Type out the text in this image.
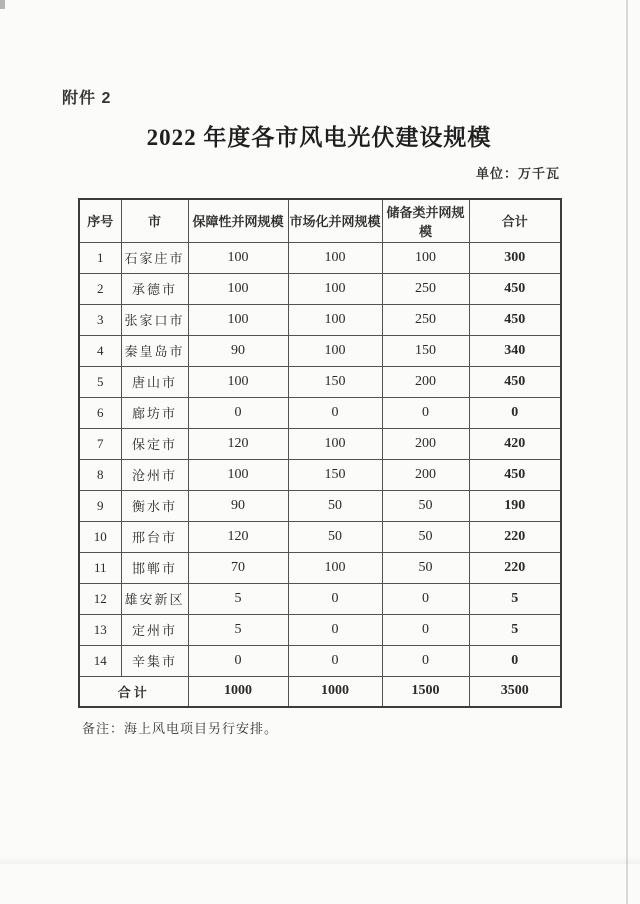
附件 2
2022 年度各市风电光伏建设规模
单位：万千瓦
序号	市	保障性并网规模	市场化并网规模	储备类并网规模	合计
1	石家庄市	100	100	100	300
2	承德市	100	100	250	450
3	张家口市	100	100	250	450
4	秦皇岛市	90	100	150	340
5	唐山市	100	150	200	450
6	廊坊市	0	0	0	0
7	保定市	120	100	200	420
8	沧州市	100	150	200	450
9	衡水市	90	50	50	190
10	邢台市	120	50	50	220
11	邯郸市	70	100	50	220
12	雄安新区	5	0	0	5
13	定州市	5	0	0	5
14	辛集市	0	0	0	0
合计		1000	1000	1500	3500
备注：海上风电项目另行安排。
